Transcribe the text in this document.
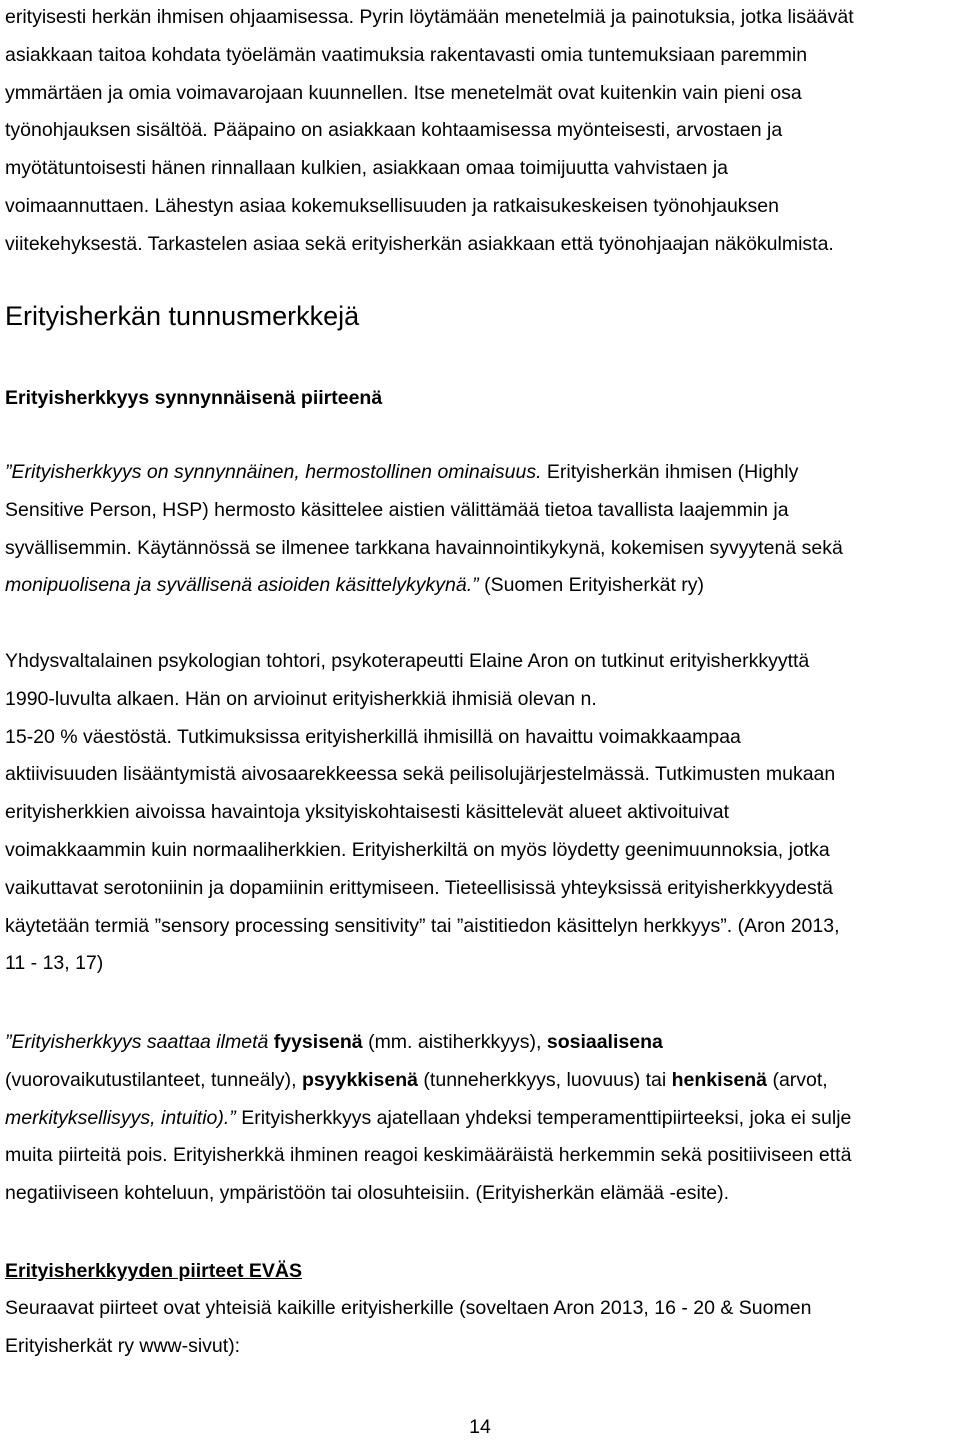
erityisesti herkän ihmisen ohjaamisessa. Pyrin löytämään menetelmiä ja painotuksia, jotka lisäävät
asiakkaan taitoa kohdata työelämän vaatimuksia rakentavasti omia tuntemuksiaan paremmin
ymmärtäen ja omia voimavarojaan kuunnellen. Itse menetelmät ovat kuitenkin vain pieni osa
työnohjauksen sisältöä. Pääpaino on asiakkaan kohtaamisessa myönteisesti, arvostaen ja
myötätuntoisesti hänen rinnallaan kulkien, asiakkaan omaa toimijuutta vahvistaen ja
voimaannuttaen. Lähestyn asiaa kokemuksellisuuden ja ratkaisukeskeisen työnohjauksen
viitekehyksestä. Tarkastelen asiaa sekä erityisherkän asiakkaan että työnohjaajan näkökulmista.
Erityisherkän tunnusmerkkejä
Erityisherkkyys synnynnäisenä piirteenä
”Erityisherkkyys on synnynnäinen, hermostollinen ominaisuus. Erityisherkän ihmisen (Highly
Sensitive Person, HSP) hermosto käsittelee aistien välittämää tietoa tavallista laajemmin ja
syvällisemmin. Käytännössä se ilmenee tarkkana havainnointikykynä, kokemisen syvyytenä sekä
monipuolisena ja syvällisenä asioiden käsittelykykynä.” (Suomen Erityisherkät ry)
Yhdysvaltalainen psykologian tohtori, psykoterapeutti Elaine Aron on tutkinut erityisherkkyyttä
1990-luvulta alkaen. Hän on arvioinut erityisherkkiä ihmisiä olevan n.
15-20 % väestöstä. Tutkimuksissa erityisherkillä ihmisillä on havaittu voimakkaampaa
aktiivisuuden lisääntymistä aivosaarekkeessa sekä peilisolujärjestelmässä. Tutkimusten mukaan
erityisherkkien aivoissa havaintoja yksityiskohtaisesti käsittelevät alueet aktivoituivat
voimakkaammin kuin normaaliherkkien. Erityisherkiltä on myös löydetty geenimuunnoksia, jotka
vaikuttavat serotoniinin ja dopamiinin erittymiseen. Tieteellisissä yhteyksissä erityisherkkyydestä
käytetään termiä ”sensory processing sensitivity” tai ”aistitiedon käsittelyn herkkyys”. (Aron 2013,
11 - 13, 17)
”Erityisherkkyys saattaa ilmetä fyysisenä (mm. aistiherkkyys), sosiaalisena
(vuorovaikutustilanteet, tunneäly), psyykkisenä (tunneherkkyys, luovuus) tai henkisenä (arvot,
merkityksellisyys, intuitio).” Erityisherkkyys ajatellaan yhdeksi temperamenttipiirteeksi, joka ei sulje
muita piirteitä pois. Erityisherkkä ihminen reagoi keskimääräistä herkemmin sekä positiiviseen että
negatiiviseen kohteluun, ympäristöön tai olosuhteisiin. (Erityisherkän elämää -esite).
Erityisherkkyyden piirteet EVÄS
Seuraavat piirteet ovat yhteisiä kaikille erityisherkille (soveltaen Aron 2013, 16 - 20 & Suomen
Erityisherkät ry www-sivut):
14
